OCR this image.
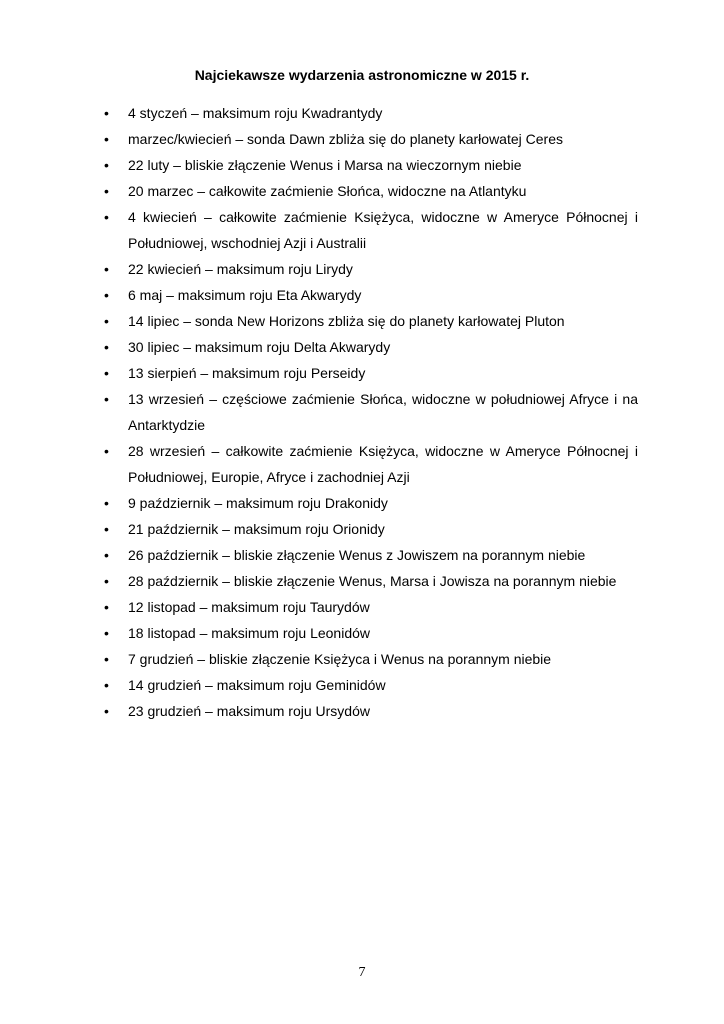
Najciekawsze wydarzenia astronomiczne w 2015 r.
•	4 styczeń – maksimum roju Kwadrantydy
•	marzec/kwiecień – sonda Dawn zbliża się do planety karłowatej Ceres
•	22 luty – bliskie złączenie Wenus i Marsa na wieczornym niebie
•	20 marzec – całkowite zaćmienie Słońca, widoczne na Atlantyku
•	4 kwiecień – całkowite zaćmienie Księżyca, widoczne w Ameryce Północnej i Południowej, wschodniej Azji i Australii
•	22 kwiecień – maksimum roju Lirydy
•	6 maj – maksimum roju Eta Akwarydy
•	14 lipiec – sonda New Horizons zbliża się do planety karłowatej Pluton
•	30 lipiec – maksimum roju Delta Akwarydy
•	13 sierpień – maksimum roju Perseidy
•	13 wrzesień – częściowe zaćmienie Słońca, widoczne w południowej Afryce i na Antarktydzie
•	28 wrzesień – całkowite zaćmienie Księżyca, widoczne w Ameryce Północnej i Południowej, Europie, Afryce i zachodniej Azji
•	9 październik – maksimum roju Drakonidy
•	21 październik – maksimum roju Orionidy
•	26 październik – bliskie złączenie Wenus z Jowiszem na porannym niebie
•	28 październik – bliskie złączenie Wenus, Marsa i Jowisza na porannym niebie
•	12 listopad – maksimum roju Taurydów
•	18 listopad – maksimum roju Leonidów
•	7 grudzień – bliskie złączenie Księżyca i Wenus na porannym niebie
•	14 grudzień – maksimum roju Geminidów
•	23 grudzień – maksimum roju Ursydów
7
